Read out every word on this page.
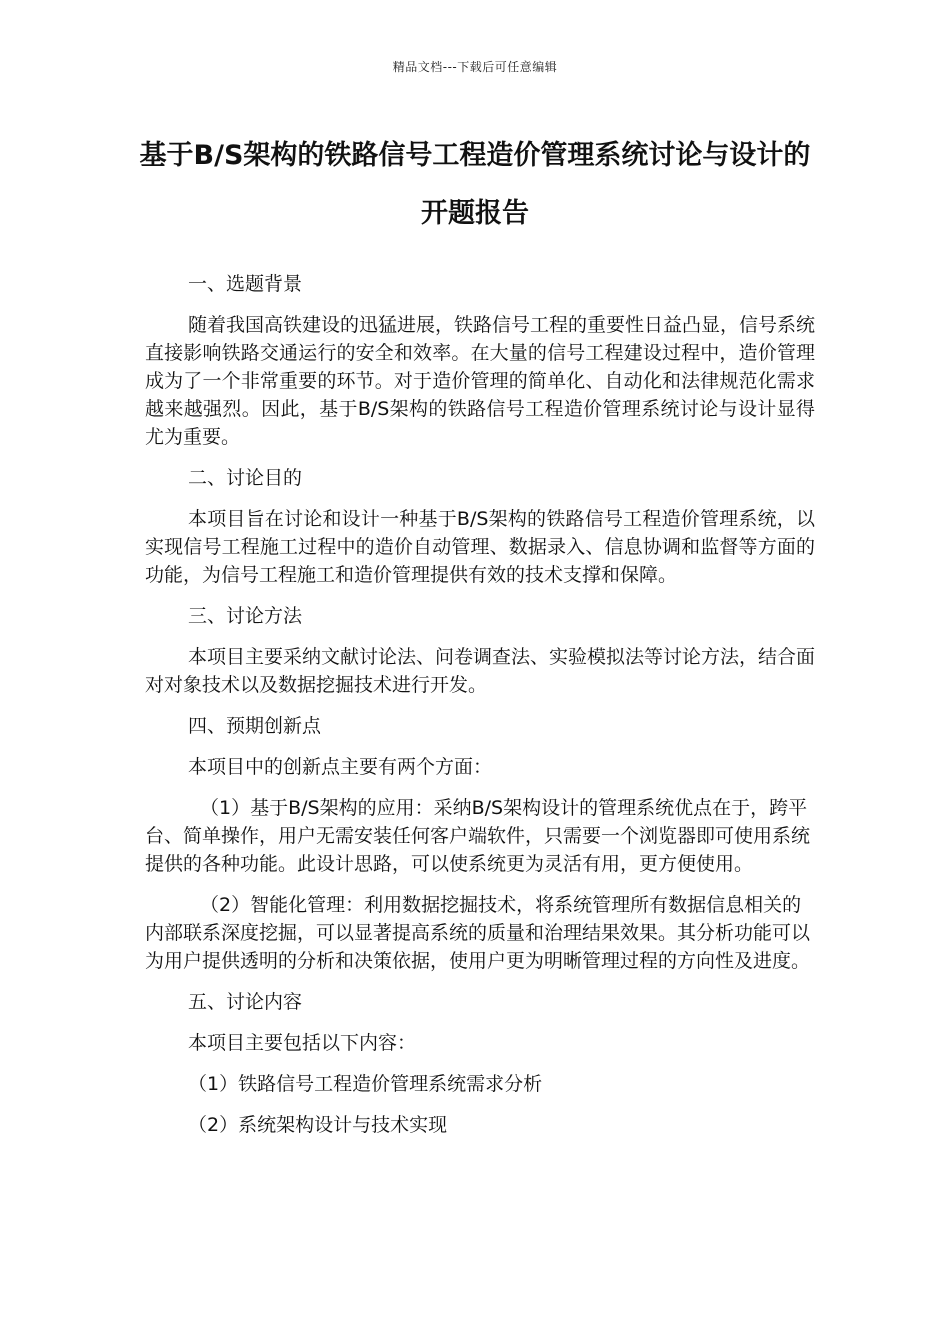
精品文档---下载后可任意编辑
基于B/S架构的铁路信号工程造价管理系统讨论与设计的开题报告

一、选题背景

随着我国高铁建设的迅猛进展，铁路信号工程的重要性日益凸显，信号系统直接影响铁路交通运行的安全和效率。在大量的信号工程建设过程中，造价管理成为了一个非常重要的环节。对于造价管理的简单化、自动化和法律规范化需求越来越强烈。因此，基于B/S架构的铁路信号工程造价管理系统讨论与设计显得尤为重要。

二、讨论目的

本项目旨在讨论和设计一种基于B/S架构的铁路信号工程造价管理系统，以实现信号工程施工过程中的造价自动管理、数据录入、信息协调和监督等方面的功能，为信号工程施工和造价管理提供有效的技术支撑和保障。

三、讨论方法

本项目主要采纳文献讨论法、问卷调查法、实验模拟法等讨论方法，结合面对对象技术以及数据挖掘技术进行开发。

四、预期创新点

本项目中的创新点主要有两个方面：

（1）基于B/S架构的应用：采纳B/S架构设计的管理系统优点在于，跨平台、简单操作，用户无需安装任何客户端软件，只需要一个浏览器即可使用系统提供的各种功能。此设计思路，可以使系统更为灵活有用，更方便使用。

（2）智能化管理：利用数据挖掘技术，将系统管理所有数据信息相关的内部联系深度挖掘，可以显著提高系统的质量和治理结果效果。其分析功能可以为用户提供透明的分析和决策依据，使用户更为明晰管理过程的方向性及进度。

五、讨论内容

本项目主要包括以下内容：

（1）铁路信号工程造价管理系统需求分析

（2）系统架构设计与技术实现
